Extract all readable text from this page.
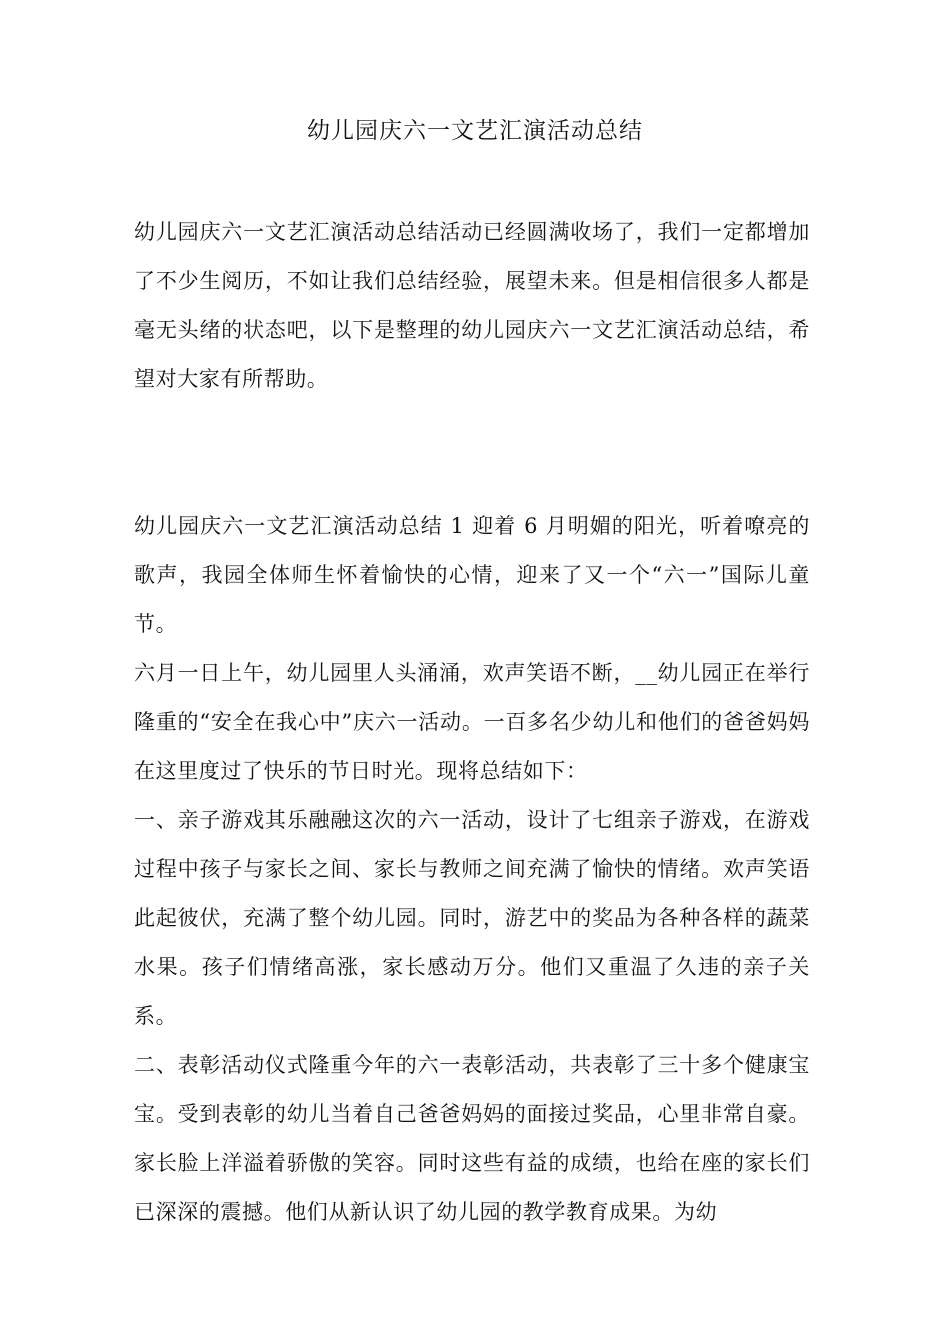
幼儿园庆六一文艺汇演活动总结

幼儿园庆六一文艺汇演活动总结活动已经圆满收场了，我们一定都增加了不少生阅历，不如让我们总结经验，展望未来。但是相信很多人都是毫无头绪的状态吧，以下是整理的幼儿园庆六一文艺汇演活动总结，希望对大家有所帮助。

幼儿园庆六一文艺汇演活动总结 1 迎着 6 月明媚的阳光，听着嘹亮的歌声，我园全体师生怀着愉快的心情，迎来了又一个“六一”国际儿童节。

六月一日上午，幼儿园里人头涌涌，欢声笑语不断，__幼儿园正在举行隆重的“安全在我心中”庆六一活动。一百多名少幼儿和他们的爸爸妈妈在这里度过了快乐的节日时光。现将总结如下：

一、亲子游戏其乐融融这次的六一活动，设计了七组亲子游戏，在游戏过程中孩子与家长之间、家长与教师之间充满了愉快的情绪。欢声笑语此起彼伏，充满了整个幼儿园。同时，游艺中的奖品为各种各样的蔬菜水果。孩子们情绪高涨，家长感动万分。他们又重温了久违的亲子关系。

二、表彰活动仪式隆重今年的六一表彰活动，共表彰了三十多个健康宝宝。受到表彰的幼儿当着自己爸爸妈妈的面接过奖品，心里非常自豪。家长脸上洋溢着骄傲的笑容。同时这些有益的成绩，也给在座的家长们已深深的震撼。他们从新认识了幼儿园的教学教育成果。为幼
